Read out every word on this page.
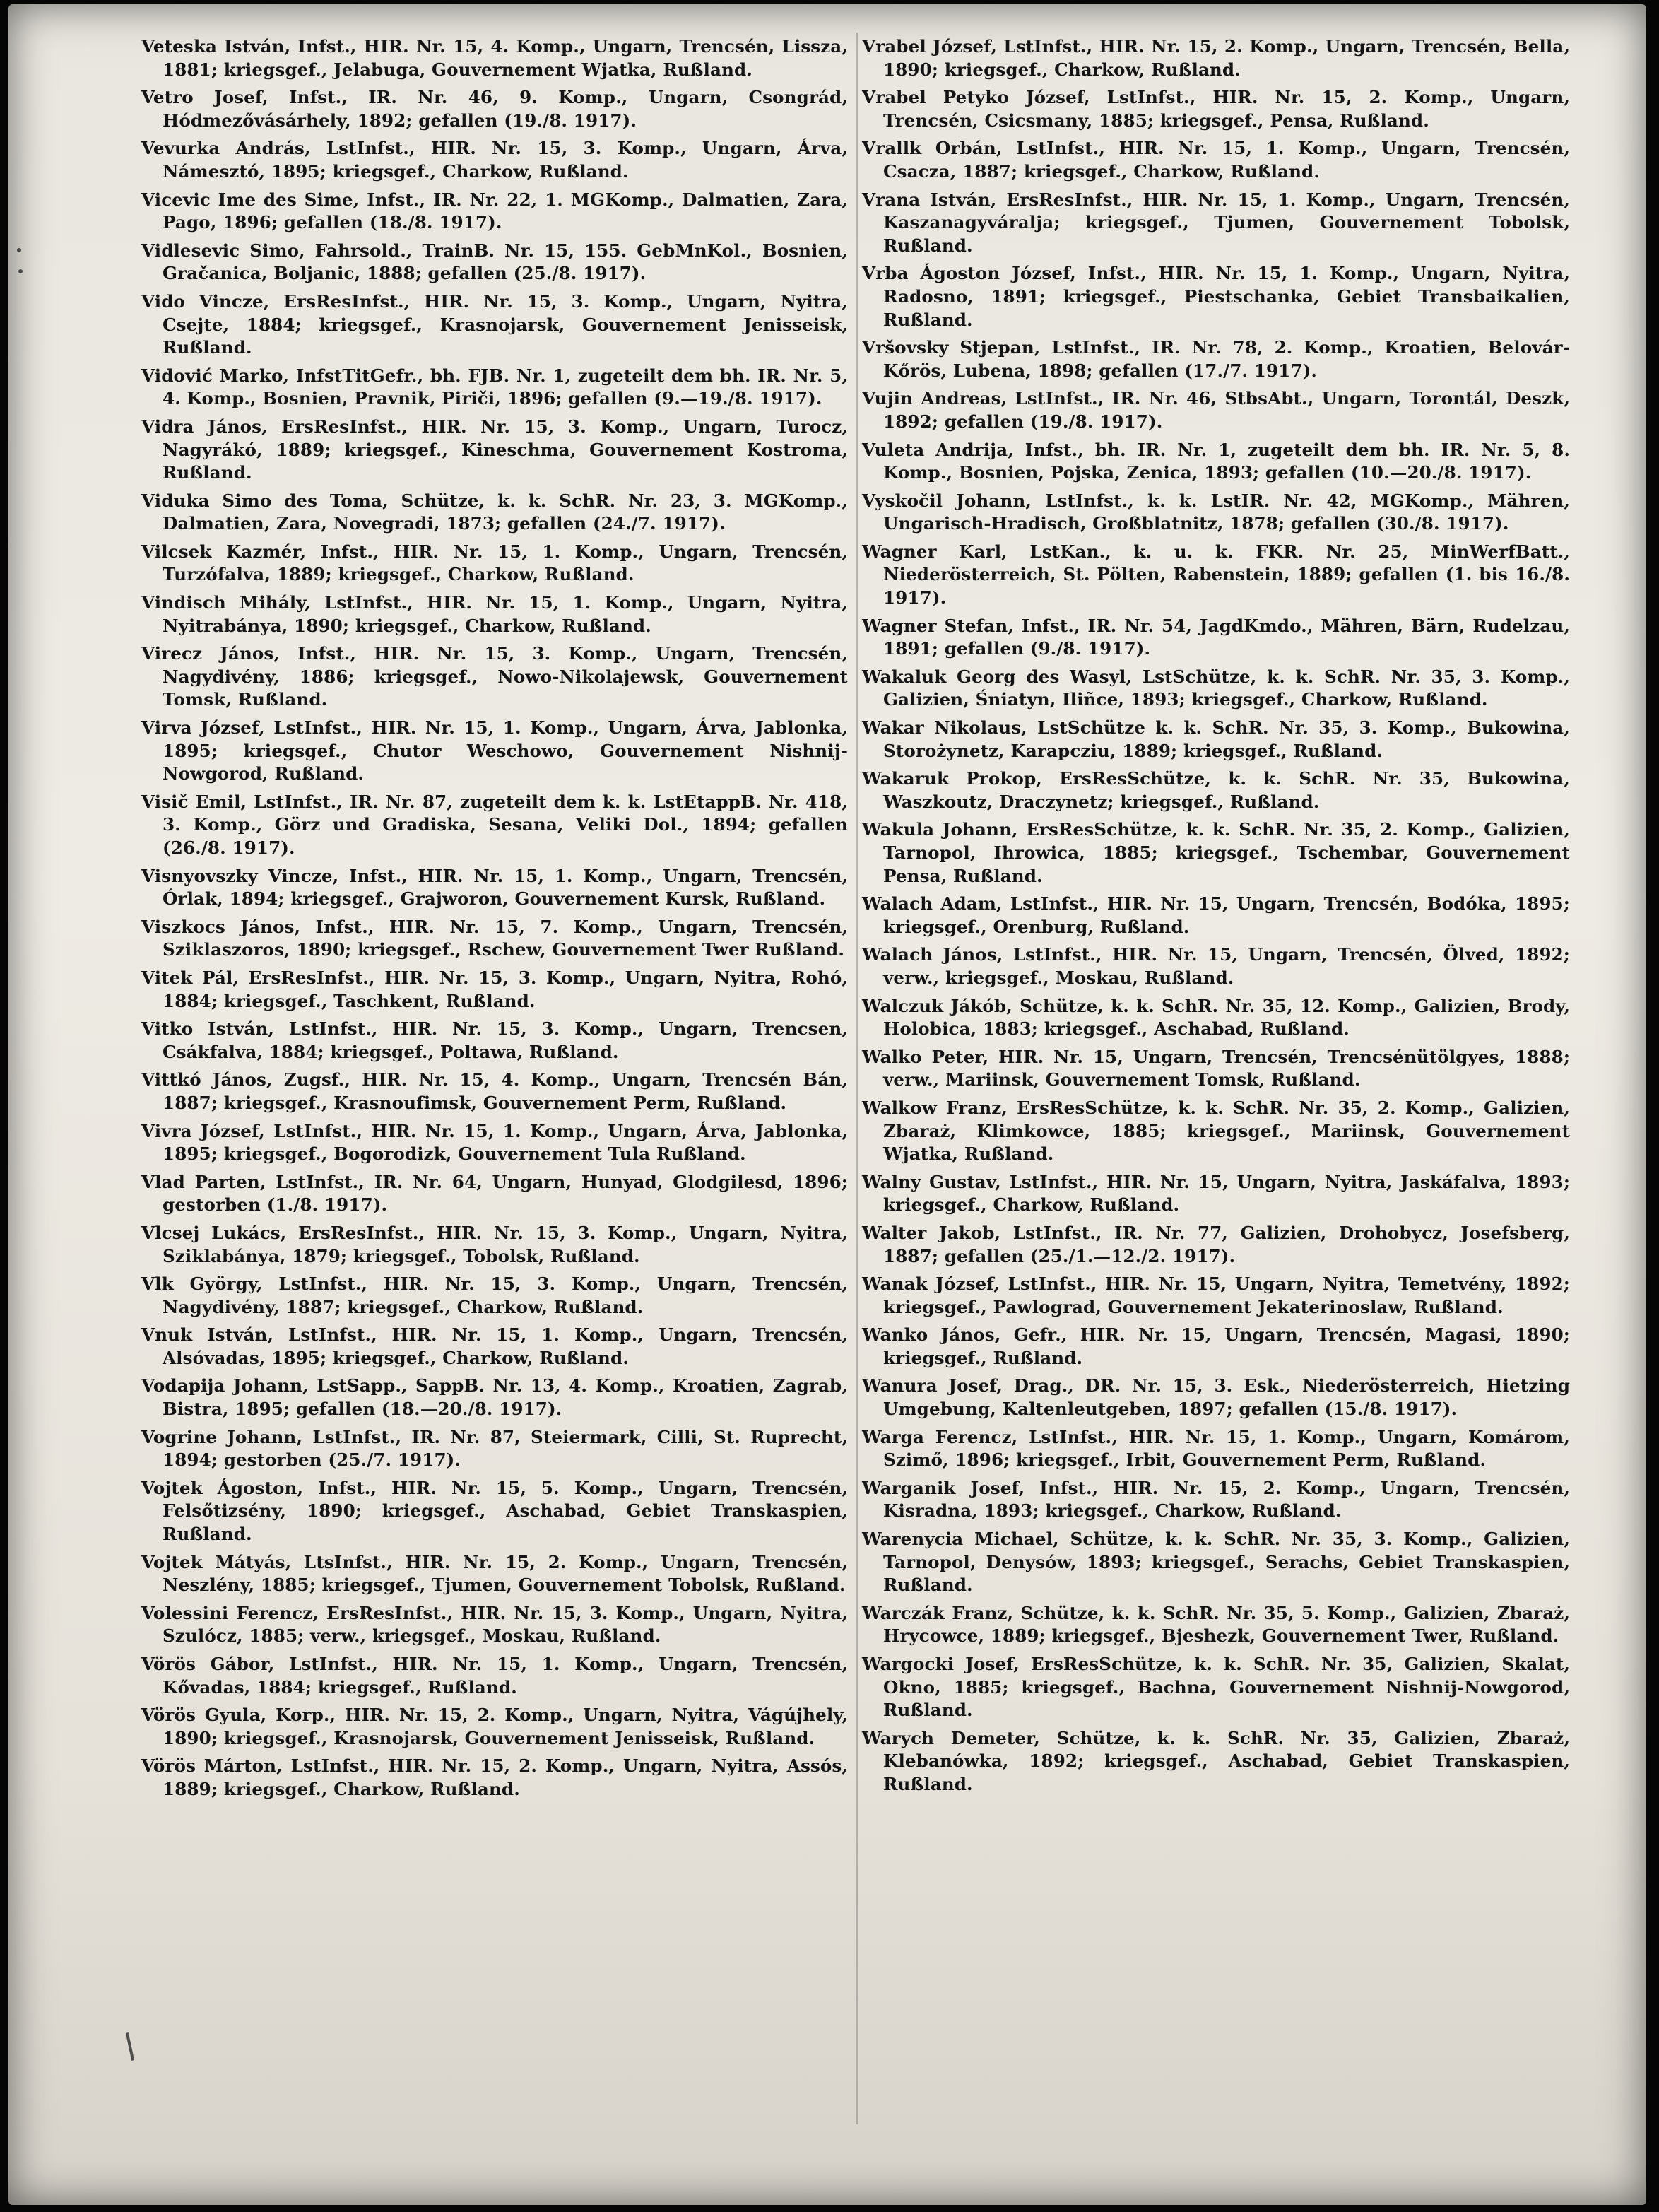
Veteska István, Infst., HIR. Nr. 15, 4. Komp., Ungarn, Trencsén, Lissza, 1881; kriegsgef., Jelabuga, Gouvernement Wjatka, Rußland.

Vetro Josef, Infst., IR. Nr. 46, 9. Komp., Ungarn, Csongrád, Hódmezővásárhely, 1892; gefallen (19./8. 1917).

Vevurka András, LstInfst., HIR. Nr. 15, 3. Komp., Ungarn, Árva, Námesztó, 1895; kriegsgef., Charkow, Rußland.

Vicevic Ime des Sime, Infst., IR. Nr. 22, 1. MGKomp., Dalmatien, Zara, Pago, 1896; gefallen (18./8. 1917).

Vidlesevic Simo, Fahrsold., TrainB. Nr. 15, 155. GebMnKol., Bosnien, Gračanica, Boljanic, 1888; gefallen (25./8. 1917).

Vido Vincze, ErsResInfst., HIR. Nr. 15, 3. Komp., Ungarn, Nyitra, Csejte, 1884; kriegsgef., Krasnojarsk, Gouvernement Jenisseisk, Rußland.

Vidović Marko, InfstTitGefr., bh. FJB. Nr. 1, zugeteilt dem bh. IR. Nr. 5, 4. Komp., Bosnien, Pravnik, Piriči, 1896; gefallen (9.—19./8. 1917).

Vidra János, ErsResInfst., HIR. Nr. 15, 3. Komp., Ungarn, Turocz, Nagyrákó, 1889; kriegsgef., Kineschma, Gouvernement Kostroma, Rußland.

Viduka Simo des Toma, Schütze, k. k. SchR. Nr. 23, 3. MGKomp., Dalmatien, Zara, Novegradi, 1873; gefallen (24./7. 1917).

Vilcsek Kazmér, Infst., HIR. Nr. 15, 1. Komp., Ungarn, Trencsén, Turzófalva, 1889; kriegsgef., Charkow, Rußland.

Vindisch Mihály, LstInfst., HIR. Nr. 15, 1. Komp., Ungarn, Nyitra, Nyitrabánya, 1890; kriegsgef., Charkow, Rußland.

Vireсz János, Infst., HIR. Nr. 15, 3. Komp., Ungarn, Trencsén, Nagydivény, 1886; kriegsgef., Nowo-Nikolajewsk, Gouvernement Tomsk, Rußland.

Virva József, LstInfst., HIR. Nr. 15, 1. Komp., Ungarn, Árva, Jablonka, 1895; kriegsgef., Chutor Weschowo, Gouvernement Nishnij-Nowgorod, Rußland.

Visič Emil, LstInfst., IR. Nr. 87, zugeteilt dem k. k. LstEtappB. Nr. 418, 3. Komp., Görz und Gradiska, Sesana, Veliki Dol., 1894; gefallen (26./8. 1917).

Visnyovszky Vincze, Infst., HIR. Nr. 15, 1. Komp., Ungarn, Trencsén, Órlak, 1894; kriegsgef., Grajworon, Gouvernement Kursk, Rußland.

Viszkocs János, Infst., HIR. Nr. 15, 7. Komp., Ungarn, Trencsén, Sziklaszoros, 1890; kriegsgef., Rschew, Gouvernement Twer Rußland.

Vitek Pál, ErsResInfst., HIR. Nr. 15, 3. Komp., Ungarn, Nyitra, Rohó, 1884; kriegsgef., Taschkent, Rußland.

Vitko István, LstInfst., HIR. Nr. 15, 3. Komp., Ungarn, Trencsen, Csákfalva, 1884; kriegsgef., Poltawa, Rußland.

Vittkó János, Zugsf., HIR. Nr. 15, 4. Komp., Ungarn, Trencsén Bán, 1887; kriegsgef., Krasnoufimsk, Gouvernement Perm, Rußland.

Vivra József, LstInfst., HIR. Nr. 15, 1. Komp., Ungarn, Árva, Jablonka, 1895; kriegsgef., Bogorodizk, Gouvernement Tula Rußland.

Vlad Parten, LstInfst., IR. Nr. 64, Ungarn, Hunyad, Glodgilesd, 1896; gestorben (1./8. 1917).

Vlcsej Lukács, ErsResInfst., HIR. Nr. 15, 3. Komp., Ungarn, Nyitra, Sziklabánya, 1879; kriegsgef., Tobolsk, Rußland.

Vlk György, LstInfst., HIR. Nr. 15, 3. Komp., Ungarn, Trencsén, Nagydivény, 1887; kriegsgef., Charkow, Rußland.

Vnuk István, LstInfst., HIR. Nr. 15, 1. Komp., Ungarn, Trencsén, Alsóvadas, 1895; kriegsgef., Charkow, Rußland.

Vodapija Johann, LstSapp., SappB. Nr. 13, 4. Komp., Kroatien, Zagrab, Bistra, 1895; gefallen (18.—20./8. 1917).

Vogrine Johann, LstInfst., IR. Nr. 87, Steiermark, Cilli, St. Ruprecht, 1894; gestorben (25./7. 1917).

Vojtek Ágoston, Infst., HIR. Nr. 15, 5. Komp., Ungarn, Trencsén, Felsőtizsény, 1890; kriegsgef., Aschabad, Gebiet Transkaspien, Rußland.

Vojtek Mátyás, LtsInfst., HIR. Nr. 15, 2. Komp., Ungarn, Trencsén, Neszlény, 1885; kriegsgef., Tjumen, Gouvernement Tobolsk, Rußland.

Volessini Ferencz, ErsResInfst., HIR. Nr. 15, 3. Komp., Ungarn, Nyitra, Szulócz, 1885; verw., kriegsgef., Moskau, Rußland.

Vörös Gábor, LstInfst., HIR. Nr. 15, 1. Komp., Ungarn, Trencsén, Kővadas, 1884; kriegsgef., Rußland.

Vörös Gyula, Korp., HIR. Nr. 15, 2. Komp., Ungarn, Nyitra, Vágújhely, 1890; kriegsgef., Krasnojarsk, Gouvernement Jenisseisk, Rußland.

Vörös Márton, LstInfst., HIR. Nr. 15, 2. Komp., Ungarn, Nyitra, Assós, 1889; kriegsgef., Charkow, Rußland.

Vrabel József, LstInfst., HIR. Nr. 15, 2. Komp., Ungarn, Trencsén, Bella, 1890; kriegsgef., Charkow, Rußland.

Vrabel Petyko József, LstInfst., HIR. Nr. 15, 2. Komp., Ungarn, Trencsén, Csicsmany, 1885; kriegsgef., Pensa, Rußland.

Vrallk Orbán, LstInfst., HIR. Nr. 15, 1. Komp., Ungarn, Trencsén, Csacza, 1887; kriegsgef., Charkow, Rußland.

Vrana István, ErsResInfst., HIR. Nr. 15, 1. Komp., Ungarn, Trencsén, Kaszanagyváralja; kriegsgef., Tjumen, Gouvernement Tobolsk, Rußland.

Vrba Ágoston József, Infst., HIR. Nr. 15, 1. Komp., Ungarn, Nyitra, Radosno, 1891; kriegsgef., Piestschanka, Gebiet Transbaikalien, Rußland.

Vršovsky Stjepan, LstInfst., IR. Nr. 78, 2. Komp., Kroatien, Belovár-Kőrös, Lubena, 1898; gefallen (17./7. 1917).

Vujin Andreas, LstInfst., IR. Nr. 46, StbsAbt., Ungarn, Torontál, Deszk, 1892; gefallen (19./8. 1917).

Vuleta Andrija, Infst., bh. IR. Nr. 1, zugeteilt dem bh. IR. Nr. 5, 8. Komp., Bosnien, Pojska, Zenica, 1893; gefallen (10.—20./8. 1917).

Vyskočil Johann, LstInfst., k. k. LstIR. Nr. 42, MGKomp., Mähren, Ungarisch-Hradisch, Großblatnitz, 1878; gefallen (30./8. 1917).

Wagner Karl, LstKan., k. u. k. FKR. Nr. 25, MinWerfBatt., Niederösterreich, St. Pölten, Rabenstein, 1889; gefallen (1. bis 16./8. 1917).

Wagner Stefan, Infst., IR. Nr. 54, JagdKmdo., Mähren, Bärn, Rudelzau, 1891; gefallen (9./8. 1917).

Wakaluk Georg des Wasyl, LstSchütze, k. k. SchR. Nr. 35, 3. Komp., Galizien, Śniatyn, Iliñce, 1893; kriegsgef., Charkow, Rußland.

Wakar Nikolaus, LstSchütze k. k. SchR. Nr. 35, 3. Komp., Bukowina, Storożynetz, Karapcziu, 1889; kriegsgef., Rußland.

Wakaruk Prokop, ErsResSchütze, k. k. SchR. Nr. 35, Bukowina, Waszkoutz, Draczynetz; kriegsgef., Rußland.

Wakula Johann, ErsResSchütze, k. k. SchR. Nr. 35, 2. Komp., Galizien, Tarnopol, Ihrowica, 1885; kriegsgef., Tschembar, Gouvernement Pensa, Rußland.

Walach Adam, LstInfst., HIR. Nr. 15, Ungarn, Trencsén, Bodóka, 1895; kriegsgef., Orenburg, Rußland.

Walach János, LstInfst., HIR. Nr. 15, Ungarn, Trencsén, Ölved, 1892; verw., kriegsgef., Moskau, Rußland.

Walczuk Jákób, Schütze, k. k. SchR. Nr. 35, 12. Komp., Galizien, Brody, Holobica, 1883; kriegsgef., Aschabad, Rußland.

Walko Peter, HIR. Nr. 15, Ungarn, Trencsén, Trencsénütölgyes, 1888; verw., Mariinsk, Gouvernement Tomsk, Rußland.

Walkow Franz, ErsResSchütze, k. k. SchR. Nr. 35, 2. Komp., Galizien, Zbaraż, Klimkowce, 1885; kriegsgef., Mariinsk, Gouvernement Wjatka, Rußland.

Walny Gustav, LstInfst., HIR. Nr. 15, Ungarn, Nyitra, Jaskáfalva, 1893; kriegsgef., Charkow, Rußland.

Walter Jakob, LstInfst., IR. Nr. 77, Galizien, Drohobycz, Josefsberg, 1887; gefallen (25./1.—12./2. 1917).

Wanak József, LstInfst., HIR. Nr. 15, Ungarn, Nyitra, Temetvény, 1892; kriegsgef., Pawlograd, Gouvernement Jekaterinoslaw, Rußland.

Wanko János, Gefr., HIR. Nr. 15, Ungarn, Trencsén, Magasi, 1890; kriegsgef., Rußland.

Wanura Josef, Drag., DR. Nr. 15, 3. Esk., Niederösterreich, Hietzing Umgebung, Kaltenleutgeben, 1897; gefallen (15./8. 1917).

Warga Ferencz, LstInfst., HIR. Nr. 15, 1. Komp., Ungarn, Komárom, Szimő, 1896; kriegsgef., Irbit, Gouvernement Perm, Rußland.

Warganik Josef, Infst., HIR. Nr. 15, 2. Komp., Ungarn, Trencsén, Kisradna, 1893; kriegsgef., Charkow, Rußland.

Warenycia Michael, Schütze, k. k. SchR. Nr. 35, 3. Komp., Galizien, Tarnopol, Denysów, 1893; kriegsgef., Serachs, Gebiet Transkaspien, Rußland.

Warczák Franz, Schütze, k. k. SchR. Nr. 35, 5. Komp., Galizien, Zbaraż, Hrycowce, 1889; kriegsgef., Bjeshezk, Gouvernement Twer, Rußland.

Wargocki Josef, ErsResSchütze, k. k. SchR. Nr. 35, Galizien, Skalat, Okno, 1885; kriegsgef., Bachna, Gouvernement Nishnij-Nowgorod, Rußland.

Warych Demeter, Schütze, k. k. SchR. Nr. 35, Galizien, Zbaraż, Klebanówka, 1892; kriegsgef., Aschabad, Gebiet Transkaspien, Rußland.
